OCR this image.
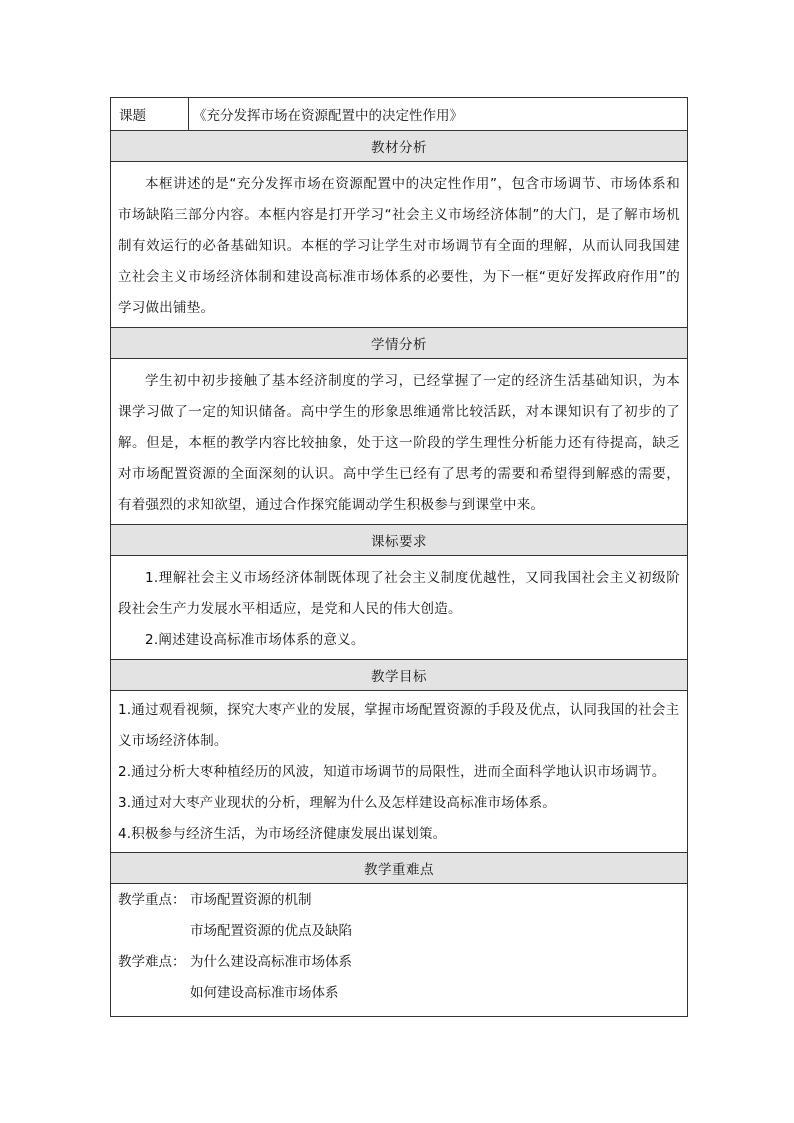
课题	《充分发挥市场在资源配置中的决定性作用》
教材分析

本框讲述的是“充分发挥市场在资源配置中的决定性作用”，包含市场调节、市场体系和市场缺陷三部分内容。本框内容是打开学习“社会主义市场经济体制”的大门，是了解市场机制有效运行的必备基础知识。本框的学习让学生对市场调节有全面的理解，从而认同我国建立社会主义市场经济体制和建设高标准市场体系的必要性，为下一框“更好发挥政府作用”的学习做出铺垫。

学情分析

学生初中初步接触了基本经济制度的学习，已经掌握了一定的经济生活基础知识，为本课学习做了一定的知识储备。高中学生的形象思维通常比较活跃，对本课知识有了初步的了解。但是，本框的教学内容比较抽象，处于这一阶段的学生理性分析能力还有待提高，缺乏对市场配置资源的全面深刻的认识。高中学生已经有了思考的需要和希望得到解惑的需要，有着强烈的求知欲望，通过合作探究能调动学生积极参与到课堂中来。

课标要求

1.理解社会主义市场经济体制既体现了社会主义制度优越性，又同我国社会主义初级阶段社会生产力发展水平相适应，是党和人民的伟大创造。

2.阐述建设高标准市场体系的意义。

教学目标

1.通过观看视频，探究大枣产业的发展，掌握市场配置资源的手段及优点，认同我国的社会主义市场经济体制。

2.通过分析大枣种植经历的风波，知道市场调节的局限性，进而全面科学地认识市场调节。

3.通过对大枣产业现状的分析，理解为什么及怎样建设高标准市场体系。

4.积极参与经济生活，为市场经济健康发展出谋划策。

教学重难点

教学重点： 市场配置资源的机制

市场配置资源的优点及缺陷

教学难点： 为什么建设高标准市场体系

如何建设高标准市场体系
